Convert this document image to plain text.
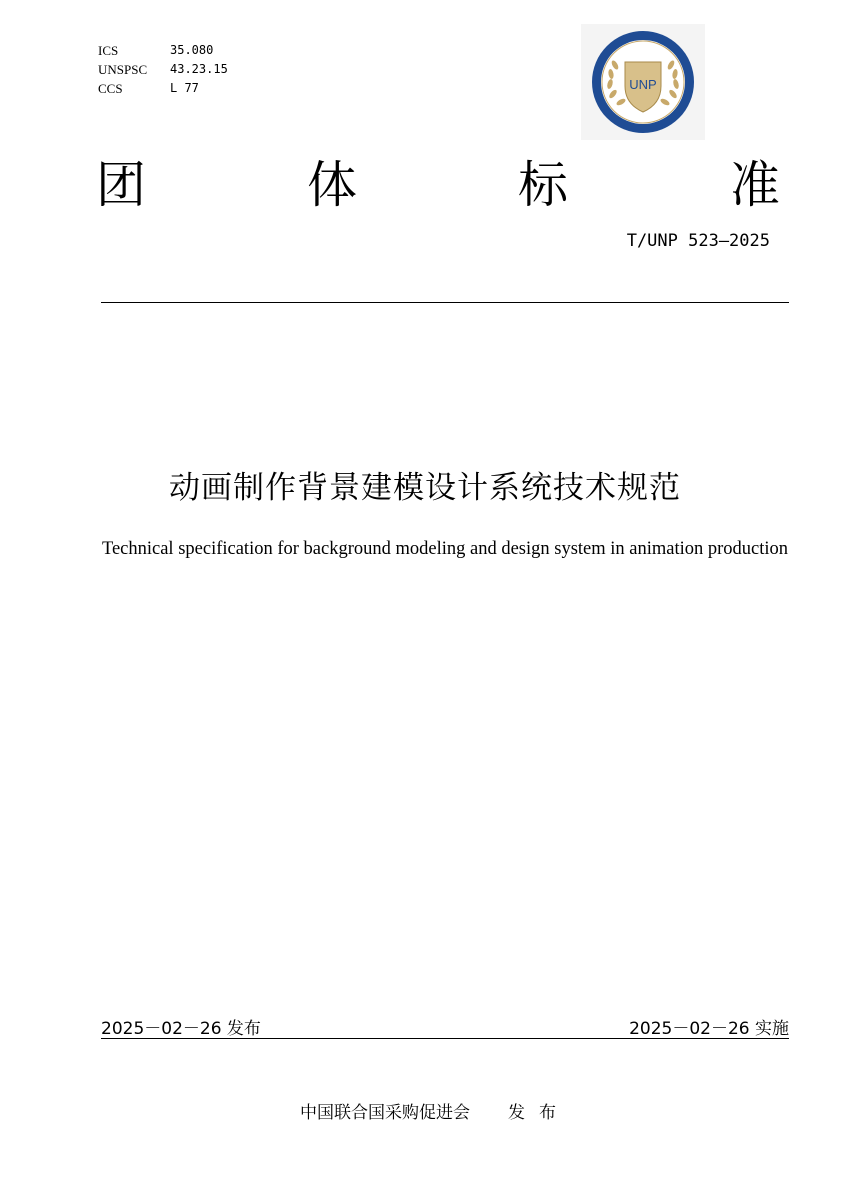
ICS	35.080
UNSPSC	43.23.15
CCS	L 77	UNP
团	体	标	准
T/UNP 523—2025
动画制作背景建模设计系统技术规范
Technical specification for background modeling and design system in animation production
2025－02－26 发布	2025－02－26 实施
中国联合国采购促进会 发布
